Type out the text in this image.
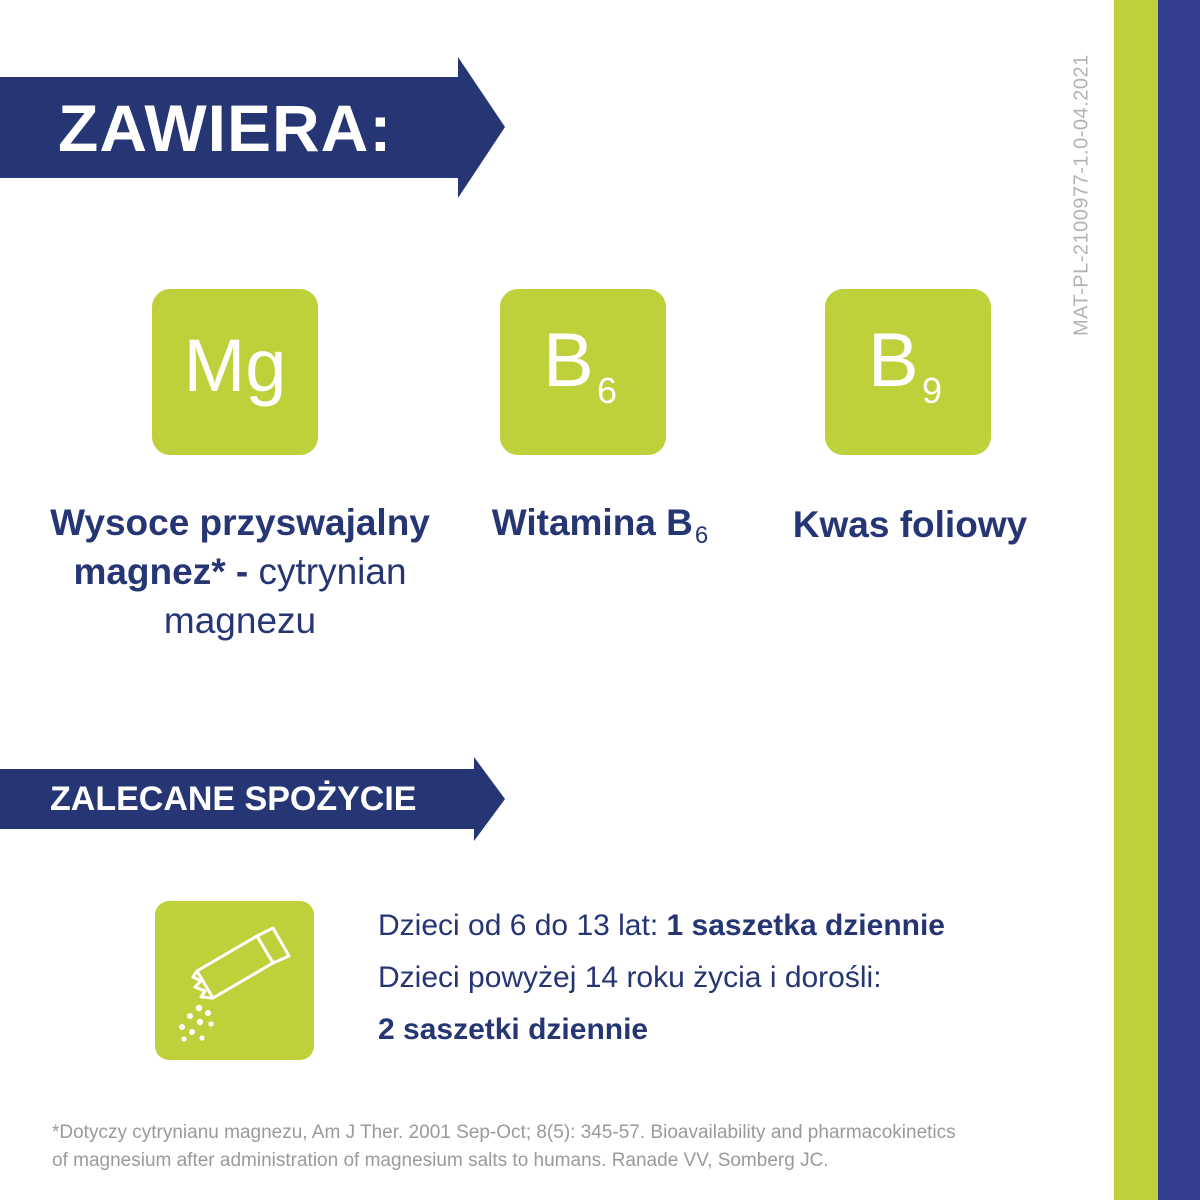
MAT-PL-2100977-1.0-04.2021
ZAWIERA:
Mg	B 6	B 9
Wysoce przyswajalny magnez* - cytrynian magnezu
Witamina $B_6$	Kwas foliowy
ZALECANE SPOŻYCIE
Dzieci od 6 do 13 lat: 1 saszetka dziennie
Dzieci powyżej 14 roku życia i dorośli:
2 saszetki dziennie
*Dotyczy cytrynianu magnezu, Am J Ther. 2001 Sep-Oct; 8(5): 345-57. Bioavailability and pharmacokinetics
of magnesium after administration of magnesium salts to humans. Ranade VV, Somberg JC.
